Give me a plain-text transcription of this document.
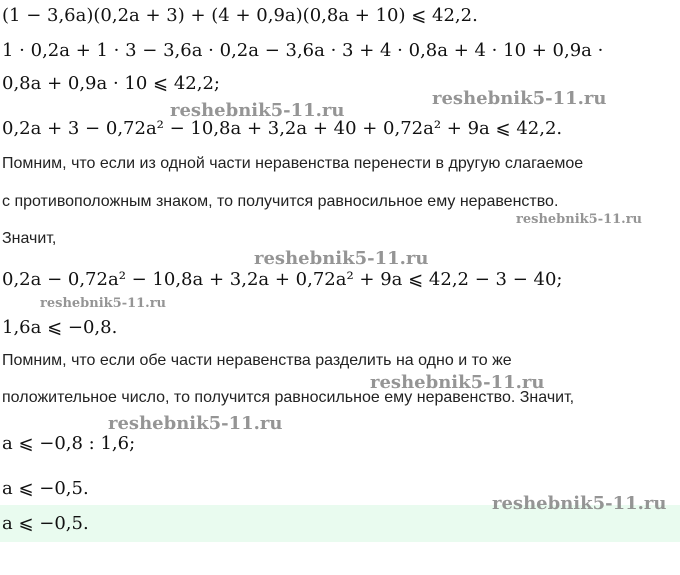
(1 − 3,6a)(0,2a + 3) + (4 + 0,9a)(0,8a + 10) ⩽ 42,2.
1 · 0,2a + 1 · 3 − 3,6a · 0,2a − 3,6a · 3 + 4 · 0,8a + 4 · 10 + 0,9a ·
0,8a + 0,9a · 10 ⩽ 42,2;
0,2a + 3 − 0,72a² − 10,8a + 3,2a + 40 + 0,72a² + 9a ⩽ 42,2.
Помним, что если из одной части неравенства перенести в другую слагаемое
с противоположным знаком, то получится равносильное ему неравенство.
Значит,
0,2a − 0,72a² − 10,8a + 3,2a + 0,72a² + 9a ⩽ 42,2 − 3 − 40;
1,6a ⩽ −0,8.
Помним, что если обе части неравенства разделить на одно и то же
положительное число, то получится равносильное ему неравенство. Значит,
a ⩽ −0,8 : 1,6;
a ⩽ −0,5.
a ⩽ −0,5.
reshebnik5-11.ru
reshebnik5-11.ru
reshebnik5-11.ru
reshebnik5-11.ru
reshebnik5-11.ru
reshebnik5-11.ru
reshebnik5-11.ru
reshebnik5-11.ru
